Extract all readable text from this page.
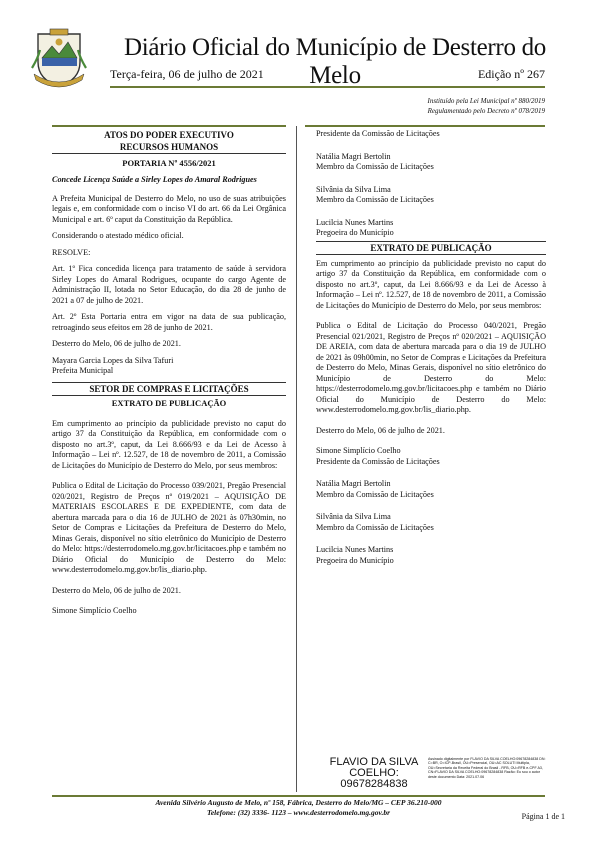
Diário Oficial do Município de Desterro do Melo
Terça-feira, 06 de julho de 2021	Edição nº 267
Instituído pela Lei Municipal nº 880/2019
Regulamentado pelo Decreto nº 078/2019
ATOS DO PODER EXECUTIVO
RECURSOS HUMANOS
PORTARIA Nº 4556/2021
Concede Licença Saúde a Sirley Lopes do Amaral Rodrigues

A Prefeita Municipal de Desterro do Melo, no uso de suas atribuições legais e, em conformidade com o inciso VI do art. 66 da Lei Orgânica Municipal e art. 6º caput da Constituição da República.

Considerando o atestado médico oficial.

RESOLVE:

Art. 1º Fica concedida licença para tratamento de saúde à servidora Sirley Lopes do Amaral Rodrigues, ocupante do cargo Agente de Administração II, lotada no Setor Educação, do dia 28 de junho de 2021 a 07 de julho de 2021.

Art. 2º Esta Portaria entra em vigor na data de sua publicação, retroagindo seus efeitos em 28 de junho de 2021.

Desterro do Melo, 06 de julho de 2021.

Mayara Garcia Lopes da Silva Tafuri
Prefeita Municipal
SETOR DE COMPRAS E LICITAÇÕES
EXTRATO DE PUBLICAÇÃO

Em cumprimento ao princípio da publicidade previsto no caput do artigo 37 da Constituição da República, em conformidade com o disposto no art.3º, caput, da Lei 8.666/93 e da Lei de Acesso à Informação – Lei nº. 12.527, de 18 de novembro de 2011, a Comissão de Licitações do Município de Desterro do Melo, por seus membros:

Publica o Edital de Licitação do Processo 039/2021, Pregão Presencial 020/2021, Registro de Preços nº 019/2021 – AQUISIÇÃO DE MATERIAIS ESCOLARES E DE EXPEDIENTE, com data de abertura marcada para o dia 16 de JULHO de 2021 às 07h30min, no Setor de Compras e Licitações da Prefeitura de Desterro do Melo, Minas Gerais, disponível no sítio eletrônico do Município de Desterro do Melo: https://desterrodomelo.mg.gov.br/licitacoes.php e também no Diário Oficial do Município de Desterro do Melo: www.desterrodomelo.mg.gov.br/lis_diario.php.

Desterro do Melo, 06 de julho de 2021.

Simone Simplício Coelho

Presidente da Comissão de Licitações

Natália Magri Bertolin
Membro da Comissão de Licitações
Silvânia da Silva Lima
Membro da Comissão de Licitações
Lucilcia Nunes Martins
Pregoeira do Município
EXTRATO DE PUBLICAÇÃO

Em cumprimento ao princípio da publicidade previsto no caput do artigo 37 da Constituição da República, em conformidade com o disposto no art.3º, caput, da Lei 8.666/93 e da Lei de Acesso à Informação – Lei nº. 12.527, de 18 de novembro de 2011, a Comissão de Licitações do Município de Desterro do Melo, por seus membros:

Publica o Edital de Licitação do Processo 040/2021, Pregão Presencial 021/2021, Registro de Preços nº 020/2021 – AQUISIÇÃO DE AREIA, com data de abertura marcada para o dia 19 de JULHO de 2021 às 09h00min, no Setor de Compras e Licitações da Prefeitura de Desterro do Melo, Minas Gerais, disponível no sítio eletrônico do Município de Desterro do Melo: https://desterrodomelo.mg.gov.br/licitacoes.php e também no Diário Oficial do Município de Desterro do Melo: www.desterrodomelo.mg.gov.br/lis_diario.php.

Desterro do Melo, 06 de julho de 2021.

Simone Simplício Coelho
Presidente da Comissão de Licitações
Natália Magri Bertolin
Membro da Comissão de Licitações
Silvânia da Silva Lima
Membro da Comissão de Licitações
Lucilcia Nunes Martins
Pregoeira do Município
FLAVIO DA SILVA
COELHO:
09678284838
Assinado digitalmente por FLAVIO DA SILVA COELHO:09678284838 DN: C=BR, O=ICP-Brasil, OU=Presencial, OU=AC SOLUTI Multipla, OU=Secretaria da Receita Federal do Brasil - RFB, OU=RFB e-CPF A3, CN=FLAVIO DA SILVA COELHO:09678284838 Razão: Eu sou o autor deste documento Data: 2021.07.06
Avenida Silvério Augusto de Melo, nº 158, Fábrica, Desterro do Melo/MG – CEP 36.210-000
Telefone: (32) 3336- 1123 – www.desterrodomelo.mg.gov.br	Página 1 de 1
